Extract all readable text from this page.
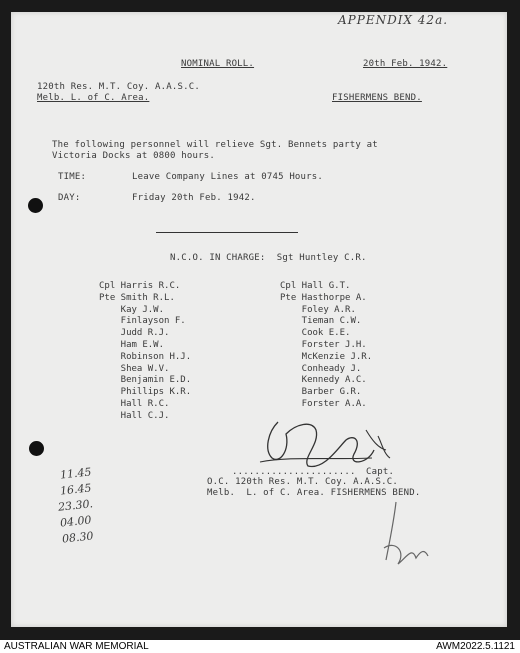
APPENDIX 42a.
NOMINAL ROLL.	20th Feb. 1942.
120th Res. M.T. Coy. A.A.S.C.
Melb. L. of C. Area.	FISHERMENS BEND.
The following personnel will relieve Sgt. Bennets party at
Victoria Docks at 0800 hours.
TIME:	Leave Company Lines at 0745 Hours.
DAY:	Friday 20th Feb. 1942.
N.C.O. IN CHARGE:  Sgt Huntley C.R.
Cpl Harris R.C.
Pte Smith R.L.
Kay J.W.
Finlayson F.
Judd R.J.
Ham E.W.
Robinson H.J.
Shea W.V.
Benjamin E.D.
Phillips K.R.
Hall R.C.
Hall C.J.
Cpl Hall G.T.
Pte Hasthorpe A.
Foley A.R.
Tieman C.W.
Cook E.E.
Forster J.H.
McKenzie J.R.
Conheady J.
Kennedy A.C.
Barber G.R.
Forster A.A.
...................... Capt.
O.C. 120th Res. M.T. Coy. A.A.S.C.
Melb.  L. of C. Area. FISHERMENS BEND.
11.45
16.45
23.30.
04.00
08.30
AUSTRALIAN WAR MEMORIAL	AWM2022.5.1121
